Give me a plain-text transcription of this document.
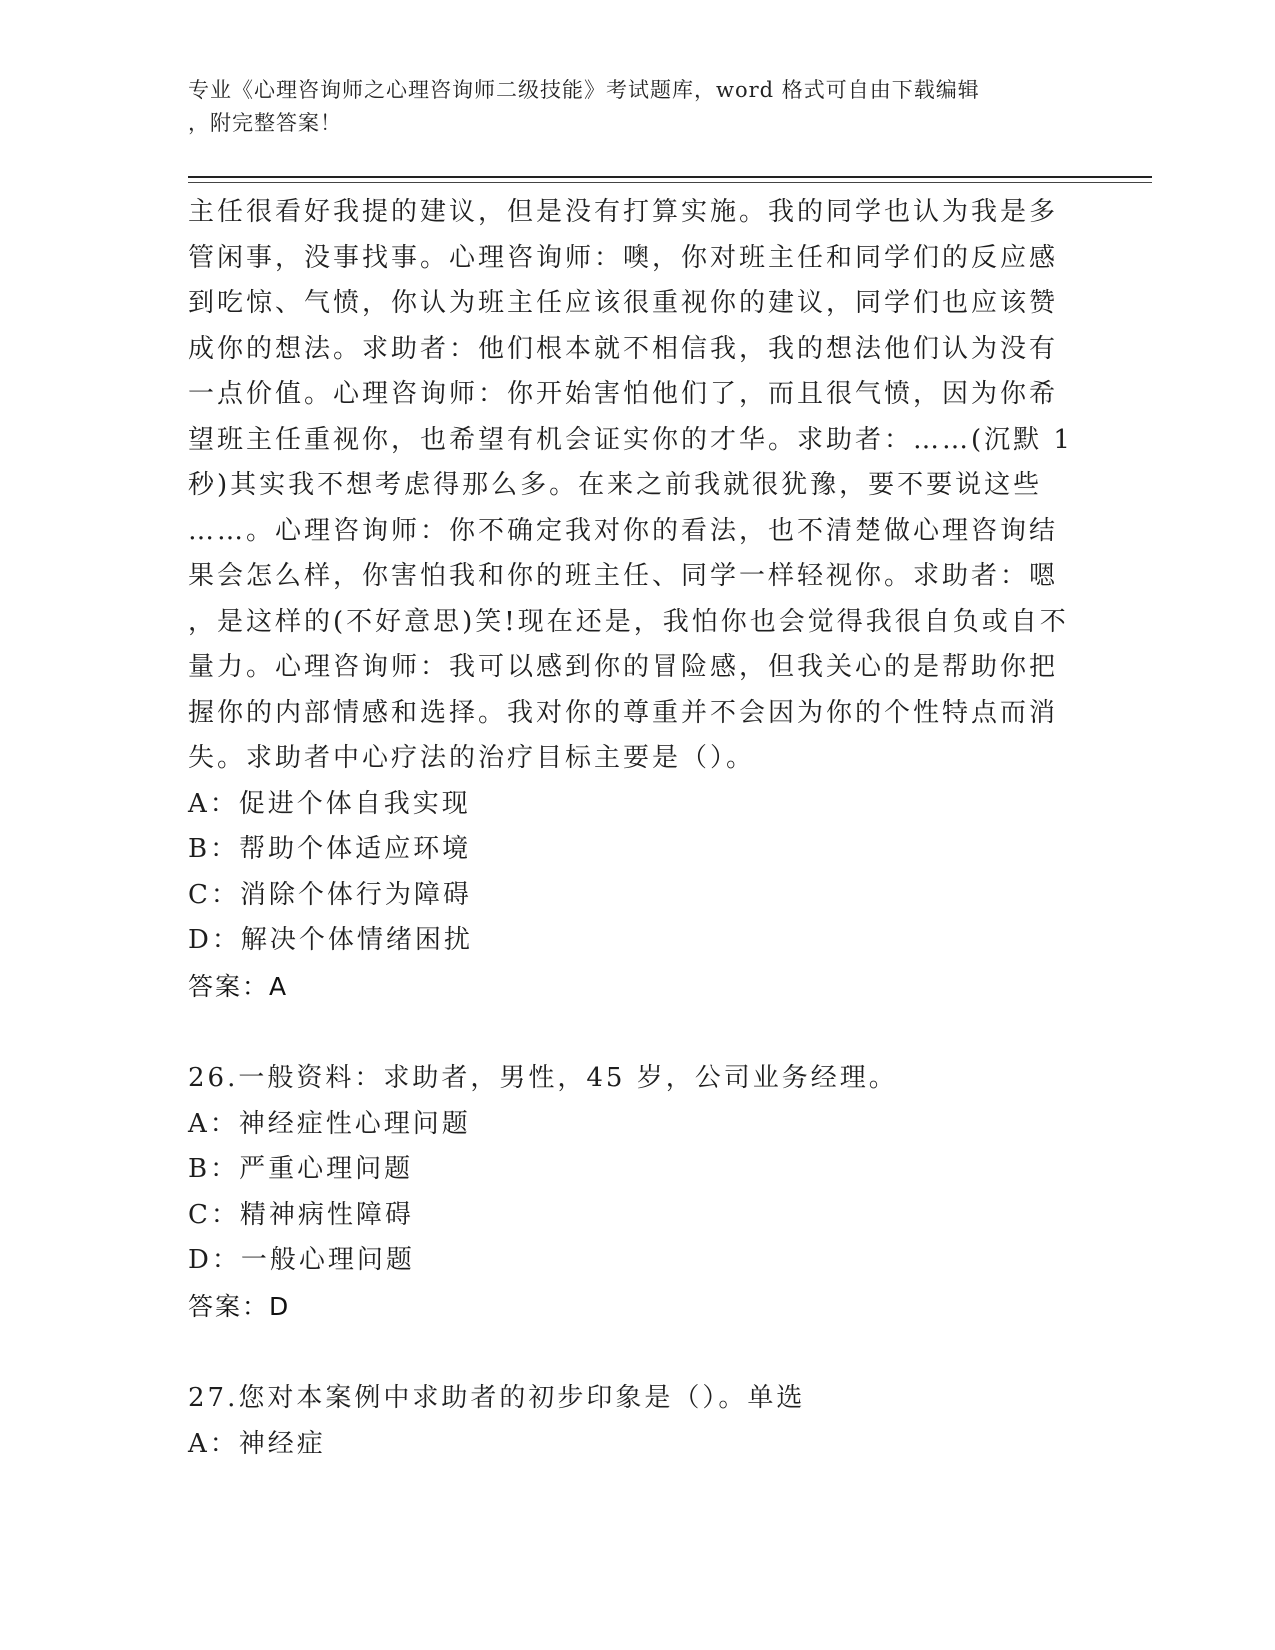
专业《心理咨询师之心理咨询师二级技能》考试题库，word 格式可自由下载编辑
，附完整答案！
主任很看好我提的建议，但是没有打算实施。我的同学也认为我是多
管闲事，没事找事。心理咨询师：噢，你对班主任和同学们的反应感
到吃惊、气愤，你认为班主任应该很重视你的建议，同学们也应该赞
成你的想法。求助者：他们根本就不相信我，我的想法他们认为没有
一点价值。心理咨询师：你开始害怕他们了，而且很气愤，因为你希
望班主任重视你，也希望有机会证实你的才华。求助者：……(沉默 1
秒)其实我不想考虑得那么多。在来之前我就很犹豫，要不要说这些
……。心理咨询师：你不确定我对你的看法，也不清楚做心理咨询结
果会怎么样，你害怕我和你的班主任、同学一样轻视你。求助者：嗯
，是这样的(不好意思)笑!现在还是，我怕你也会觉得我很自负或自不
量力。心理咨询师：我可以感到你的冒险感，但我关心的是帮助你把
握你的内部情感和选择。我对你的尊重并不会因为你的个性特点而消
失。求助者中心疗法的治疗目标主要是（）。
A：促进个体自我实现
B：帮助个体适应环境
C：消除个体行为障碍
D：解决个体情绪困扰
答案：A
26.一般资料：求助者，男性，45 岁，公司业务经理。
A：神经症性心理问题
B：严重心理问题
C：精神病性障碍
D：一般心理问题
答案：D
27.您对本案例中求助者的初步印象是（）。单选
A：神经症
